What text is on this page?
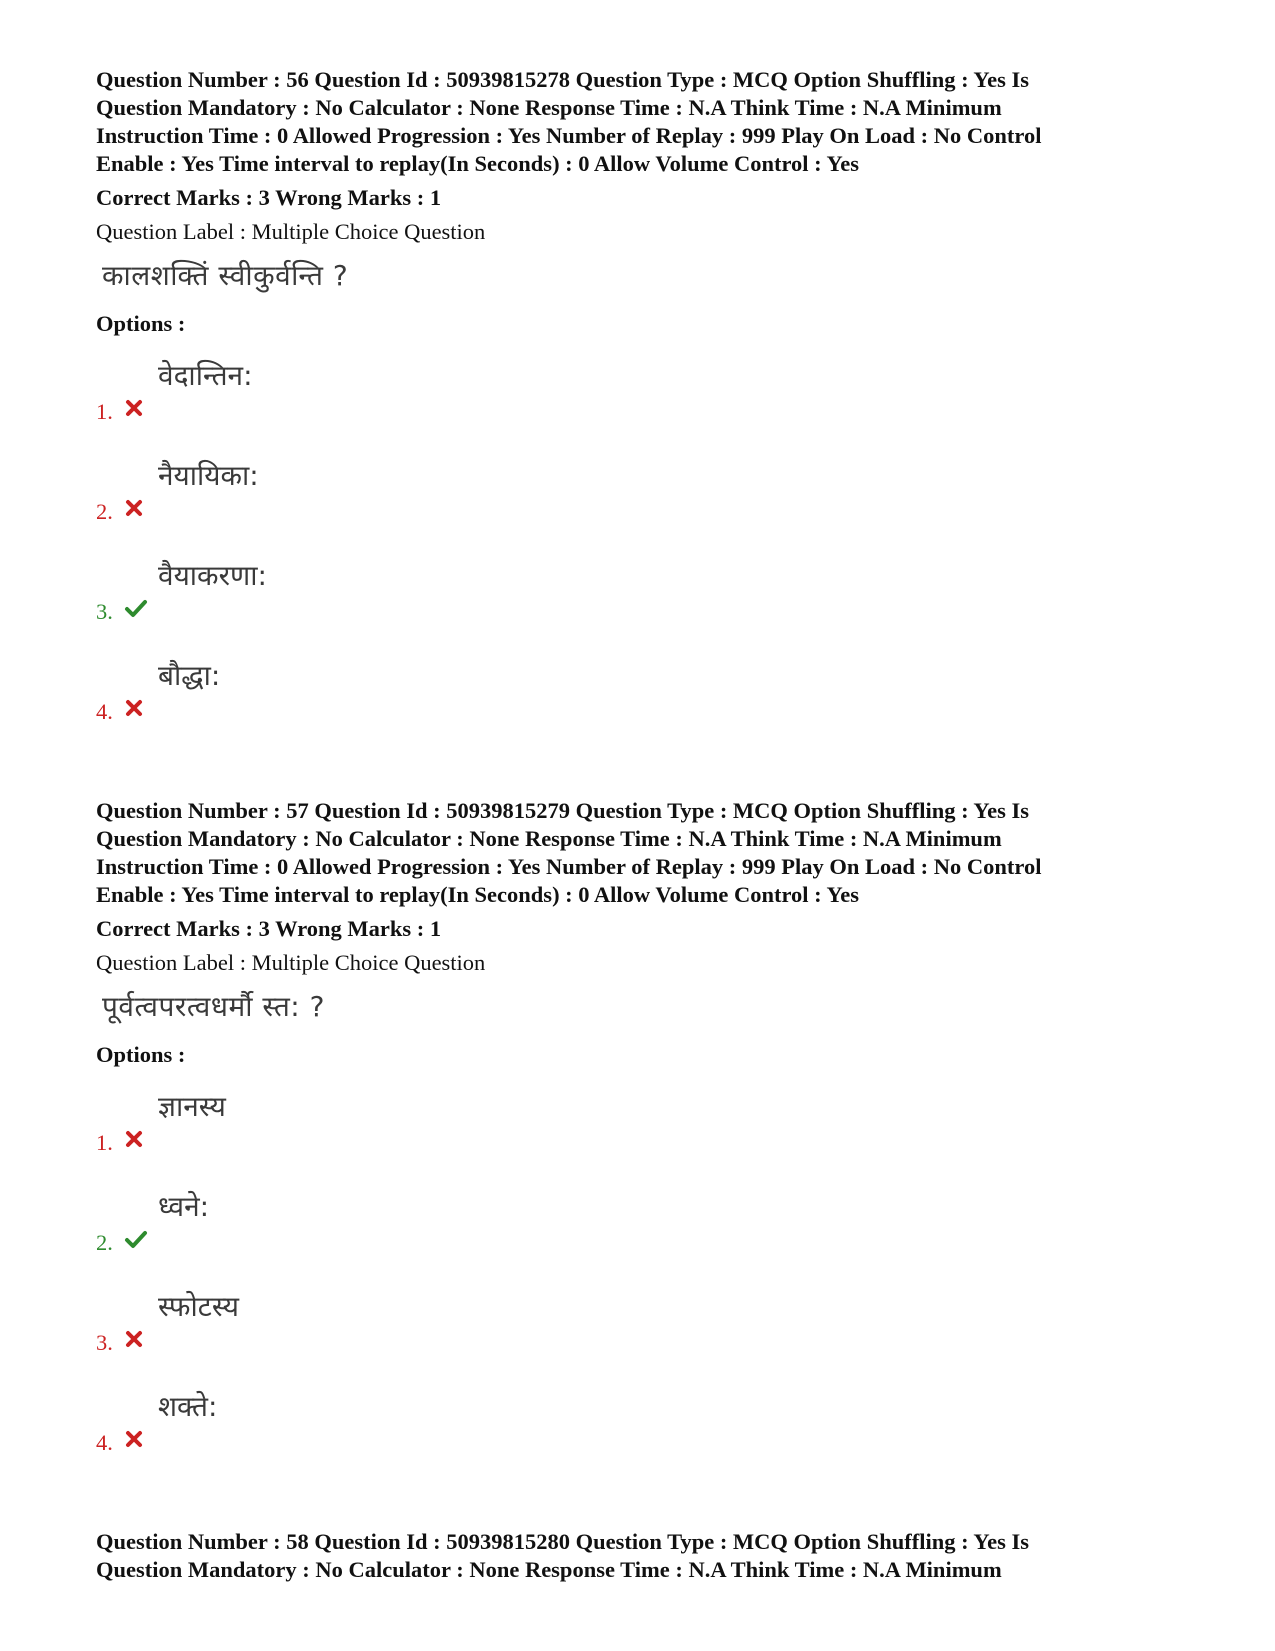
Question Number : 56 Question Id : 50939815278 Question Type : MCQ Option Shuffling : Yes Is
Question Mandatory : No Calculator : None Response Time : N.A Think Time : N.A Minimum
Instruction Time : 0 Allowed Progression : Yes Number of Replay : 999 Play On Load : No Control
Enable : Yes Time interval to replay(In Seconds) : 0 Allow Volume Control : Yes
Correct Marks : 3 Wrong Marks : 1
Question Label : Multiple Choice Question
कालशक्तिं स्वीकुर्वन्ति ?
Options :
1.
वेदान्तिन:
2.
नैयायिका:
3.
वैयाकरणा:
4.
बौद्धा:
Question Number : 57 Question Id : 50939815279 Question Type : MCQ Option Shuffling : Yes Is
Question Mandatory : No Calculator : None Response Time : N.A Think Time : N.A Minimum
Instruction Time : 0 Allowed Progression : Yes Number of Replay : 999 Play On Load : No Control
Enable : Yes Time interval to replay(In Seconds) : 0 Allow Volume Control : Yes
Correct Marks : 3 Wrong Marks : 1
Question Label : Multiple Choice Question
पूर्वत्वपरत्वधर्मौ स्त: ?
Options :
1.
ज्ञानस्य
2.
ध्वने:
3.
स्फोटस्य
4.
शक्ते:
Question Number : 58 Question Id : 50939815280 Question Type : MCQ Option Shuffling : Yes Is
Question Mandatory : No Calculator : None Response Time : N.A Think Time : N.A Minimum
